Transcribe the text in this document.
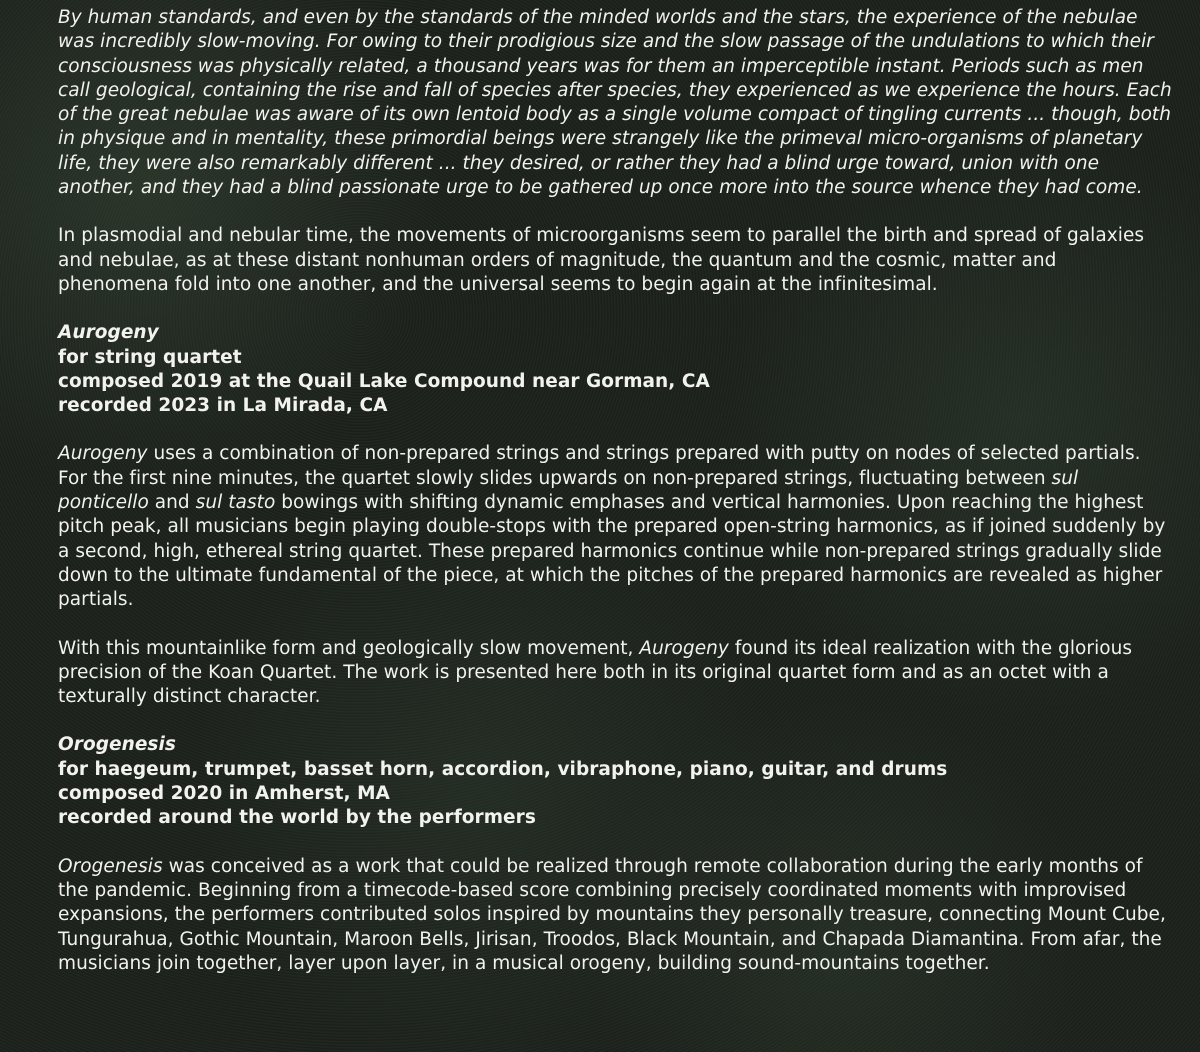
By human standards, and even by the standards of the minded worlds and the stars, the experience of the nebulae was incredibly slow-moving. For owing to their prodigious size and the slow passage of the undulations to which their consciousness was physically related, a thousand years was for them an imperceptible instant. Periods such as men call geological, containing the rise and fall of species after species, they experienced as we experience the hours. Each of the great nebulae was aware of its own lentoid body as a single volume compact of tingling currents ... though, both in physique and in mentality, these primordial beings were strangely like the primeval micro-organisms of planetary life, they were also remarkably different ... they desired, or rather they had a blind urge toward, union with one another, and they had a blind passionate urge to be gathered up once more into the source whence they had come.

In plasmodial and nebular time, the movements of microorganisms seem to parallel the birth and spread of galaxies and nebulae, as at these distant nonhuman orders of magnitude, the quantum and the cosmic, matter and phenomena fold into one another, and the universal seems to begin again at the infinitesimal.

Aurogeny
for string quartet
composed 2019 at the Quail Lake Compound near Gorman, CA
recorded 2023 in La Mirada, CA

Aurogeny uses a combination of non-prepared strings and strings prepared with putty on nodes of selected partials. For the first nine minutes, the quartet slowly slides upwards on non-prepared strings, fluctuating between sul ponticello and sul tasto bowings with shifting dynamic emphases and vertical harmonies. Upon reaching the highest pitch peak, all musicians begin playing double-stops with the prepared open-string harmonics, as if joined suddenly by a second, high, ethereal string quartet. These prepared harmonics continue while non-prepared strings gradually slide down to the ultimate fundamental of the piece, at which the pitches of the prepared harmonics are revealed as higher partials.

With this mountainlike form and geologically slow movement, Aurogeny found its ideal realization with the glorious precision of the Koan Quartet. The work is presented here both in its original quartet form and as an octet with a texturally distinct character.

Orogenesis
for haegeum, trumpet, basset horn, accordion, vibraphone, piano, guitar, and drums
composed 2020 in Amherst, MA
recorded around the world by the performers

Orogenesis was conceived as a work that could be realized through remote collaboration during the early months of the pandemic. Beginning from a timecode-based score combining precisely coordinated moments with improvised expansions, the performers contributed solos inspired by mountains they personally treasure, connecting Mount Cube, Tungurahua, Gothic Mountain, Maroon Bells, Jirisan, Troodos, Black Mountain, and Chapada Diamantina. From afar, the musicians join together, layer upon layer, in a musical orogeny, building sound-mountains together.
